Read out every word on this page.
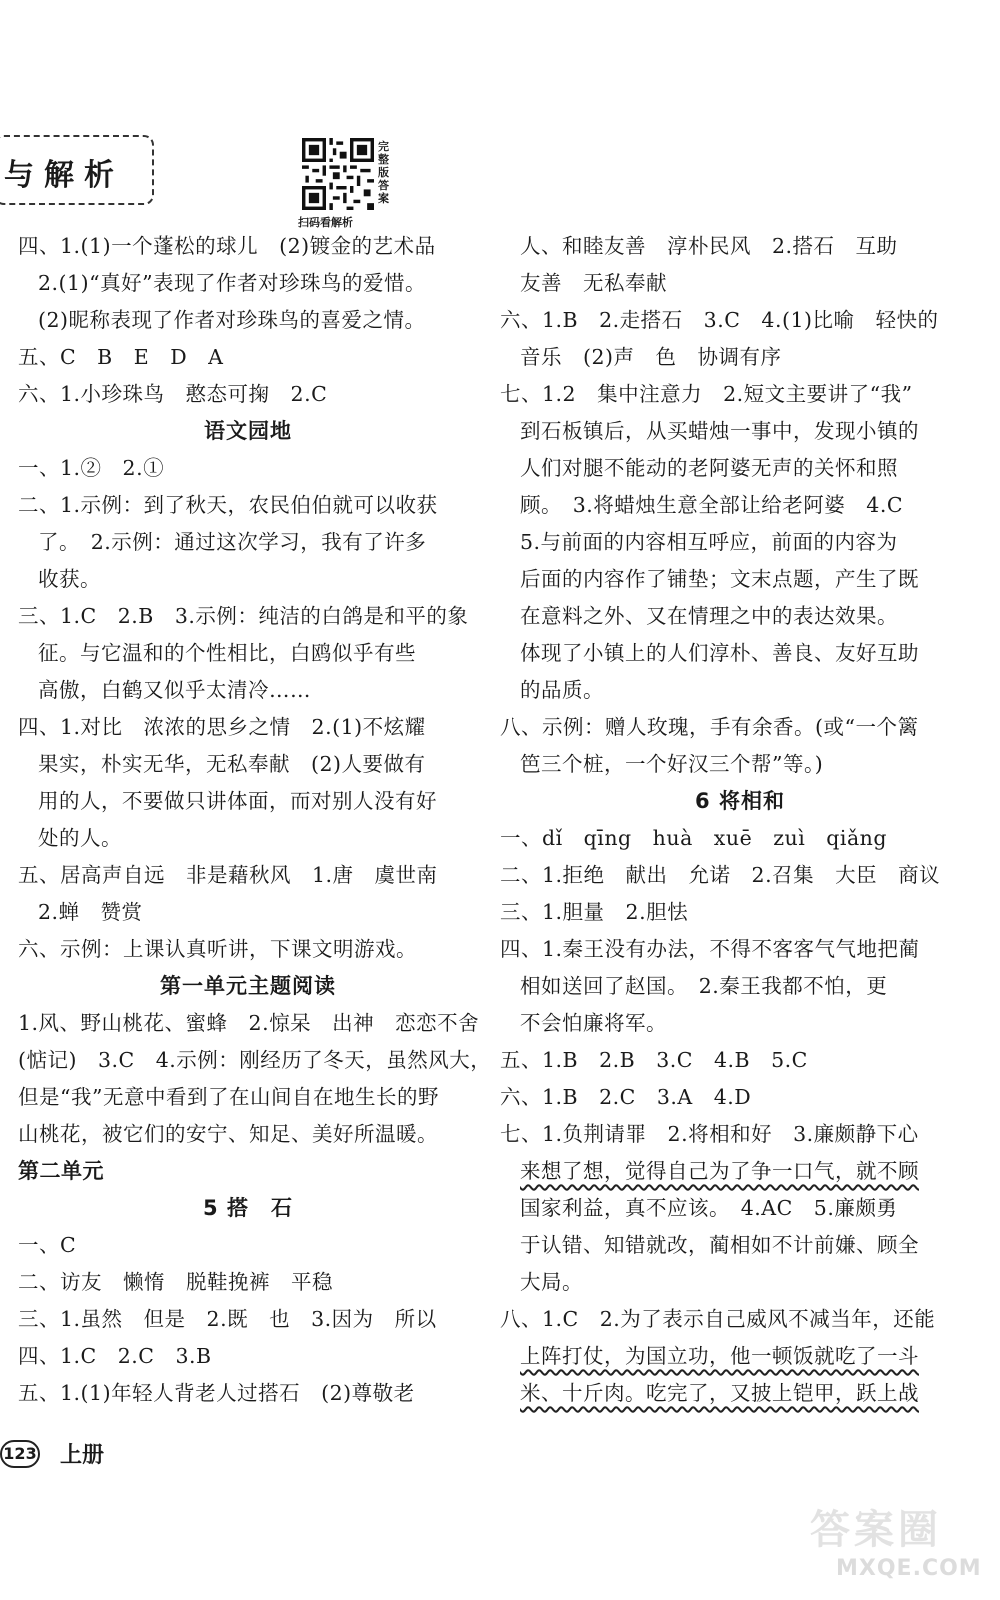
与解析
完整版答案
扫码看解析
四、1.(1)一个蓬松的球儿　(2)镀金的艺术品
2.(1)“真好”表现了作者对珍珠鸟的爱惜。
(2)昵称表现了作者对珍珠鸟的喜爱之情。
五、C　B　E　D　A
六、1.小珍珠鸟　憨态可掬　2.C
语文园地
一、1.②　2.①
二、1.示例：到了秋天，农民伯伯就可以收获
了。　2.示例：通过这次学习，我有了许多
收获。
三、1.C　2.B　3.示例：纯洁的白鸽是和平的象
征。与它温和的个性相比，白鸥似乎有些
高傲，白鹤又似乎太清冷……
四、1.对比　浓浓的思乡之情　2.(1)不炫耀
果实，朴实无华，无私奉献　(2)人要做有
用的人，不要做只讲体面，而对别人没有好
处的人。
五、居高声自远　非是藉秋风　1.唐　虞世南
2.蝉　赞赏
六、示例：上课认真听讲，下课文明游戏。
第一单元主题阅读
1.风、野山桃花、蜜蜂　2.惊呆　出神　恋恋不舍
(惦记)　3.C　4.示例：刚经历了冬天，虽然风大，
但是“我”无意中看到了在山间自在地生长的野
山桃花，被它们的安宁、知足、美好所温暖。
第二单元
5 搭　石
一、C
二、访友　懒惰　脱鞋挽裤　平稳
三、1.虽然　但是　2.既　也　3.因为　所以
四、1.C　2.C　3.B
五、1.(1)年轻人背老人过搭石　(2)尊敬老
人、和睦友善　淳朴民风　2.搭石　互助
友善　无私奉献
六、1.B　2.走搭石　3.C　4.(1)比喻　轻快的
音乐　(2)声　色　协调有序
七、1.2　集中注意力　2.短文主要讲了“我”
到石板镇后，从买蜡烛一事中，发现小镇的
人们对腿不能动的老阿婆无声的关怀和照
顾。　3.将蜡烛生意全部让给老阿婆　4.C
5.与前面的内容相互呼应，前面的内容为
后面的内容作了铺垫；文末点题，产生了既
在意料之外、又在情理之中的表达效果。
体现了小镇上的人们淳朴、善良、友好互助
的品质。
八、示例：赠人玫瑰，手有余香。(或“一个篱
笆三个桩，一个好汉三个帮”等。)
6 将相和
一、dǐ　qīng　huà　xuē　zuì　qiǎng
二、1.拒绝　献出　允诺　2.召集　大臣　商议
三、1.胆量　2.胆怯
四、1.秦王没有办法，不得不客客气气地把蔺
相如送回了赵国。　2.秦王我都不怕，更
不会怕廉将军。
五、1.B　2.B　3.C　4.B　5.C
六、1.B　2.C　3.A　4.D
七、1.负荆请罪　2.将相和好　3.廉颇静下心
来想了想，觉得自己为了争一口气，就不顾
国家利益，真不应该。　4.AC　5.廉颇勇
于认错、知错就改，蔺相如不计前嫌、顾全
大局。
八、1.C　2.为了表示自己威风不减当年，还能
上阵打仗，为国立功，他一顿饭就吃了一斗
米、十斤肉。吃完了，又披上铠甲，跃上战
123 上册
答案圈
MXQE.COM
